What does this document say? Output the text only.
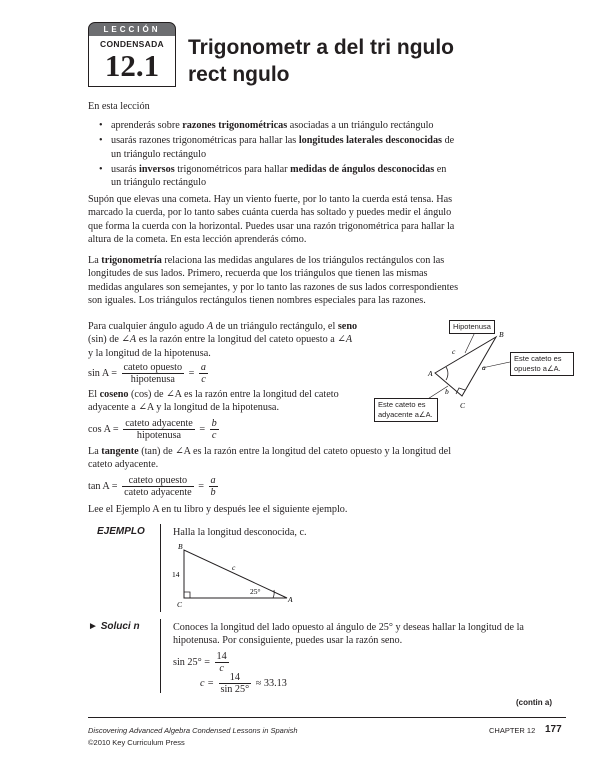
LECCIÓN
CONDENSADA
12.1
Trigonometr a del tri ngulo
rect ngulo
En esta lección
• aprenderás sobre razones trigonométricas asociadas a un triángulo rectángulo
• usarás razones trigonométricas para hallar las longitudes laterales desconocidas de un triángulo rectángulo
• usarás inversos trigonométricos para hallar medidas de ángulos desconocidas en un triángulo rectángulo
Supón que elevas una cometa. Hay un viento fuerte, por lo tanto la cuerda está tensa. Has marcado la cuerda, por lo tanto sabes cuánta cuerda has soltado y puedes medir el ángulo que forma la cuerda con la horizontal. Puedes usar una razón trigonométrica para hallar la altura de la cometa. En esta lección aprenderás cómo.
La trigonometría relaciona las medidas angulares de los triángulos rectángulos con las longitudes de sus lados. Primero, recuerda que los triángulos que tienen las mismas medidas angulares son semejantes, y por lo tanto las razones de sus lados correspondientes son iguales. Los triángulos rectángulos tienen nombres especiales para las razones.
Para cualquier ángulo agudo A de un triángulo rectángulo, el seno (sin) de ∠A es la razón entre la longitud del cateto opuesto a ∠A y la longitud de la hipotenusa.
$\sin A = \frac{\text{cateto opuesto}}{\text{hipotenusa}} = \frac{a}{c}$
El coseno (cos) de ∠A es la razón entre la longitud del cateto adyacente a ∠A y la longitud de la hipotenusa.
$\cos A = \frac{\text{cateto adyacente}}{\text{hipotenusa}} = \frac{b}{c}$
La tangente (tan) de ∠A es la razón entre la longitud del cateto opuesto y la longitud del cateto adyacente.
$\tan A = \frac{\text{cateto opuesto}}{\text{cateto adyacente}} = \frac{a}{b}$
A
B
C
c
a
b
Hipotenusa
Este cateto es opuesto a∠A.
Este cateto es adyacente a∠A.
Lee el Ejemplo A en tu libro y después lee el siguiente ejemplo.
EJEMPLO	Halla la longitud desconocida, c.
B
C
A
14
c
25°
► Soluci n	Conoces la longitud del lado opuesto al ángulo de 25° y deseas hallar la longitud de la hipotenusa. Por consiguiente, puedes usar la razón seno.
$\sin 25^\circ = \frac{14}{c}$
$c = \frac{14}{\sin 25^\circ} \approx 33.13$
(contin a)
Discovering Advanced Algebra Condensed Lessons in Spanish
©2010 Key Curriculum Press
CHAPTER 12 177
